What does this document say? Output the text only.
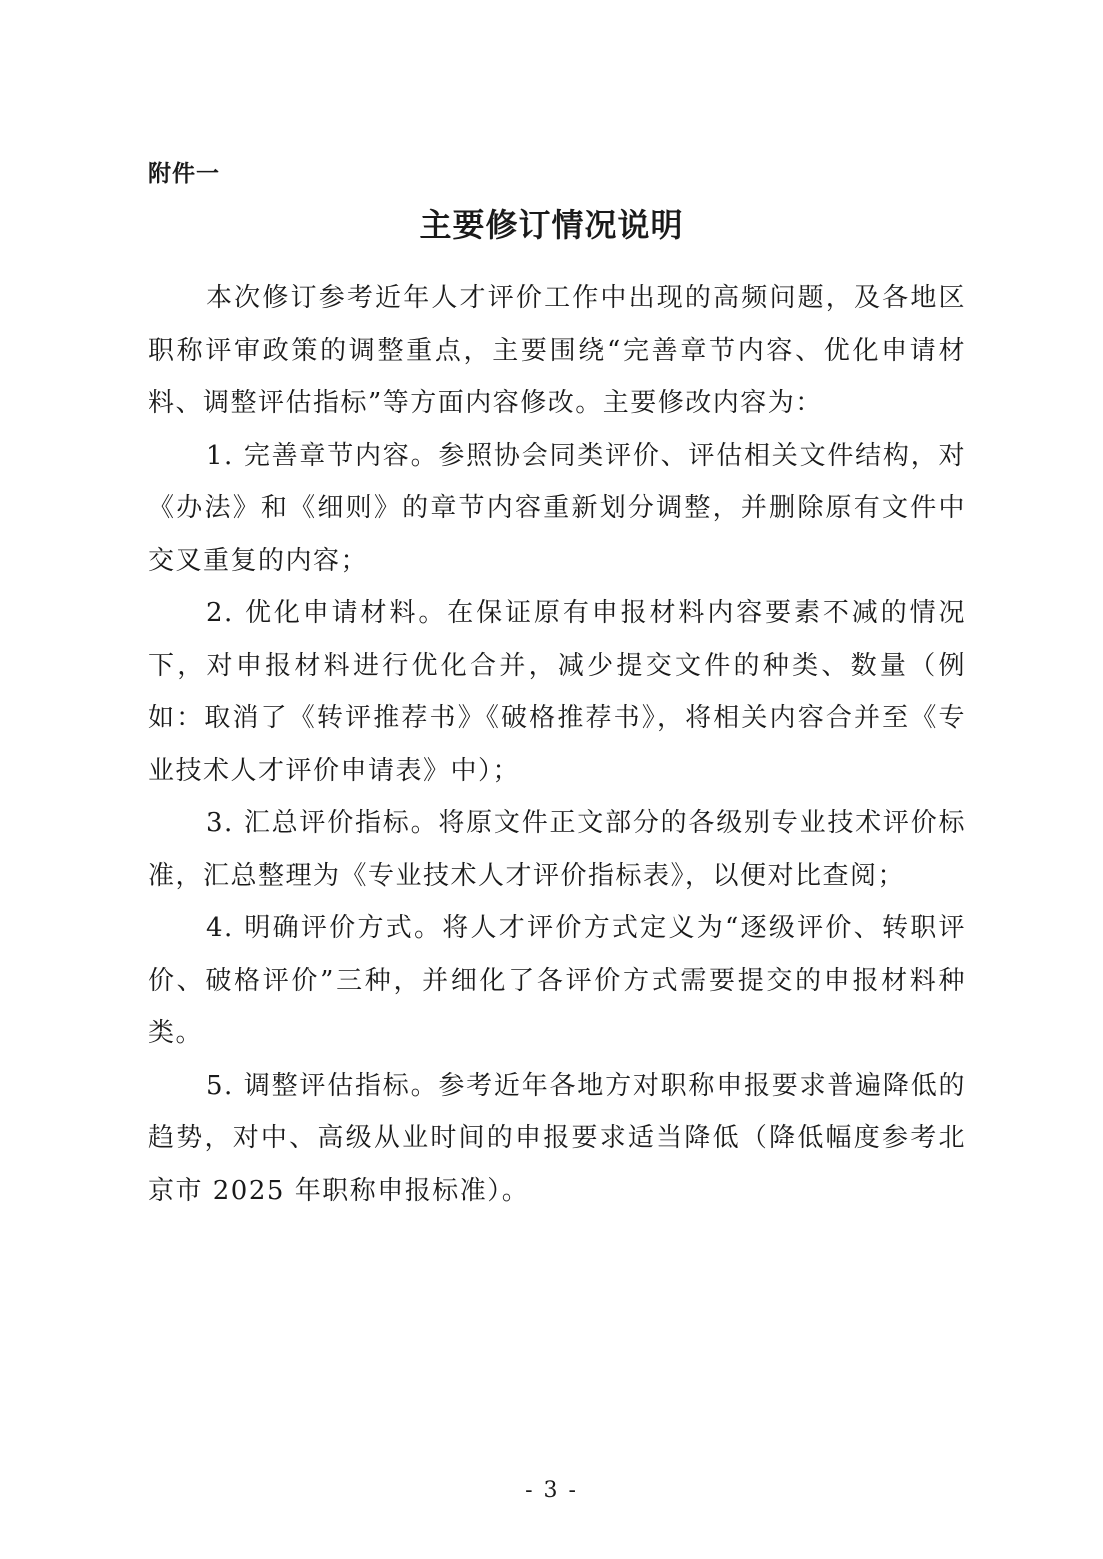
附件一
主要修订情况说明

本次修订参考近年人才评价工作中出现的高频问题，及各地区职称评审政策的调整重点，主要围绕“完善章节内容、优化申请材料、调整评估指标”等方面内容修改。主要修改内容为：

1. 完善章节内容。参照协会同类评价、评估相关文件结构，对《办法》和《细则》的章节内容重新划分调整，并删除原有文件中交叉重复的内容；

2. 优化申请材料。在保证原有申报材料内容要素不减的情况下，对申报材料进行优化合并，减少提交文件的种类、数量（例如：取消了《转评推荐书》《破格推荐书》，将相关内容合并至《专业技术人才评价申请表》中）；

3. 汇总评价指标。将原文件正文部分的各级别专业技术评价标准，汇总整理为《专业技术人才评价指标表》，以便对比查阅；

4. 明确评价方式。将人才评价方式定义为“逐级评价、转职评价、破格评价”三种，并细化了各评价方式需要提交的申报材料种类。

5. 调整评估指标。参考近年各地方对职称申报要求普遍降低的趋势，对中、高级从业时间的申报要求适当降低（降低幅度参考北京市 2025 年职称申报标准）。

- 3 -
